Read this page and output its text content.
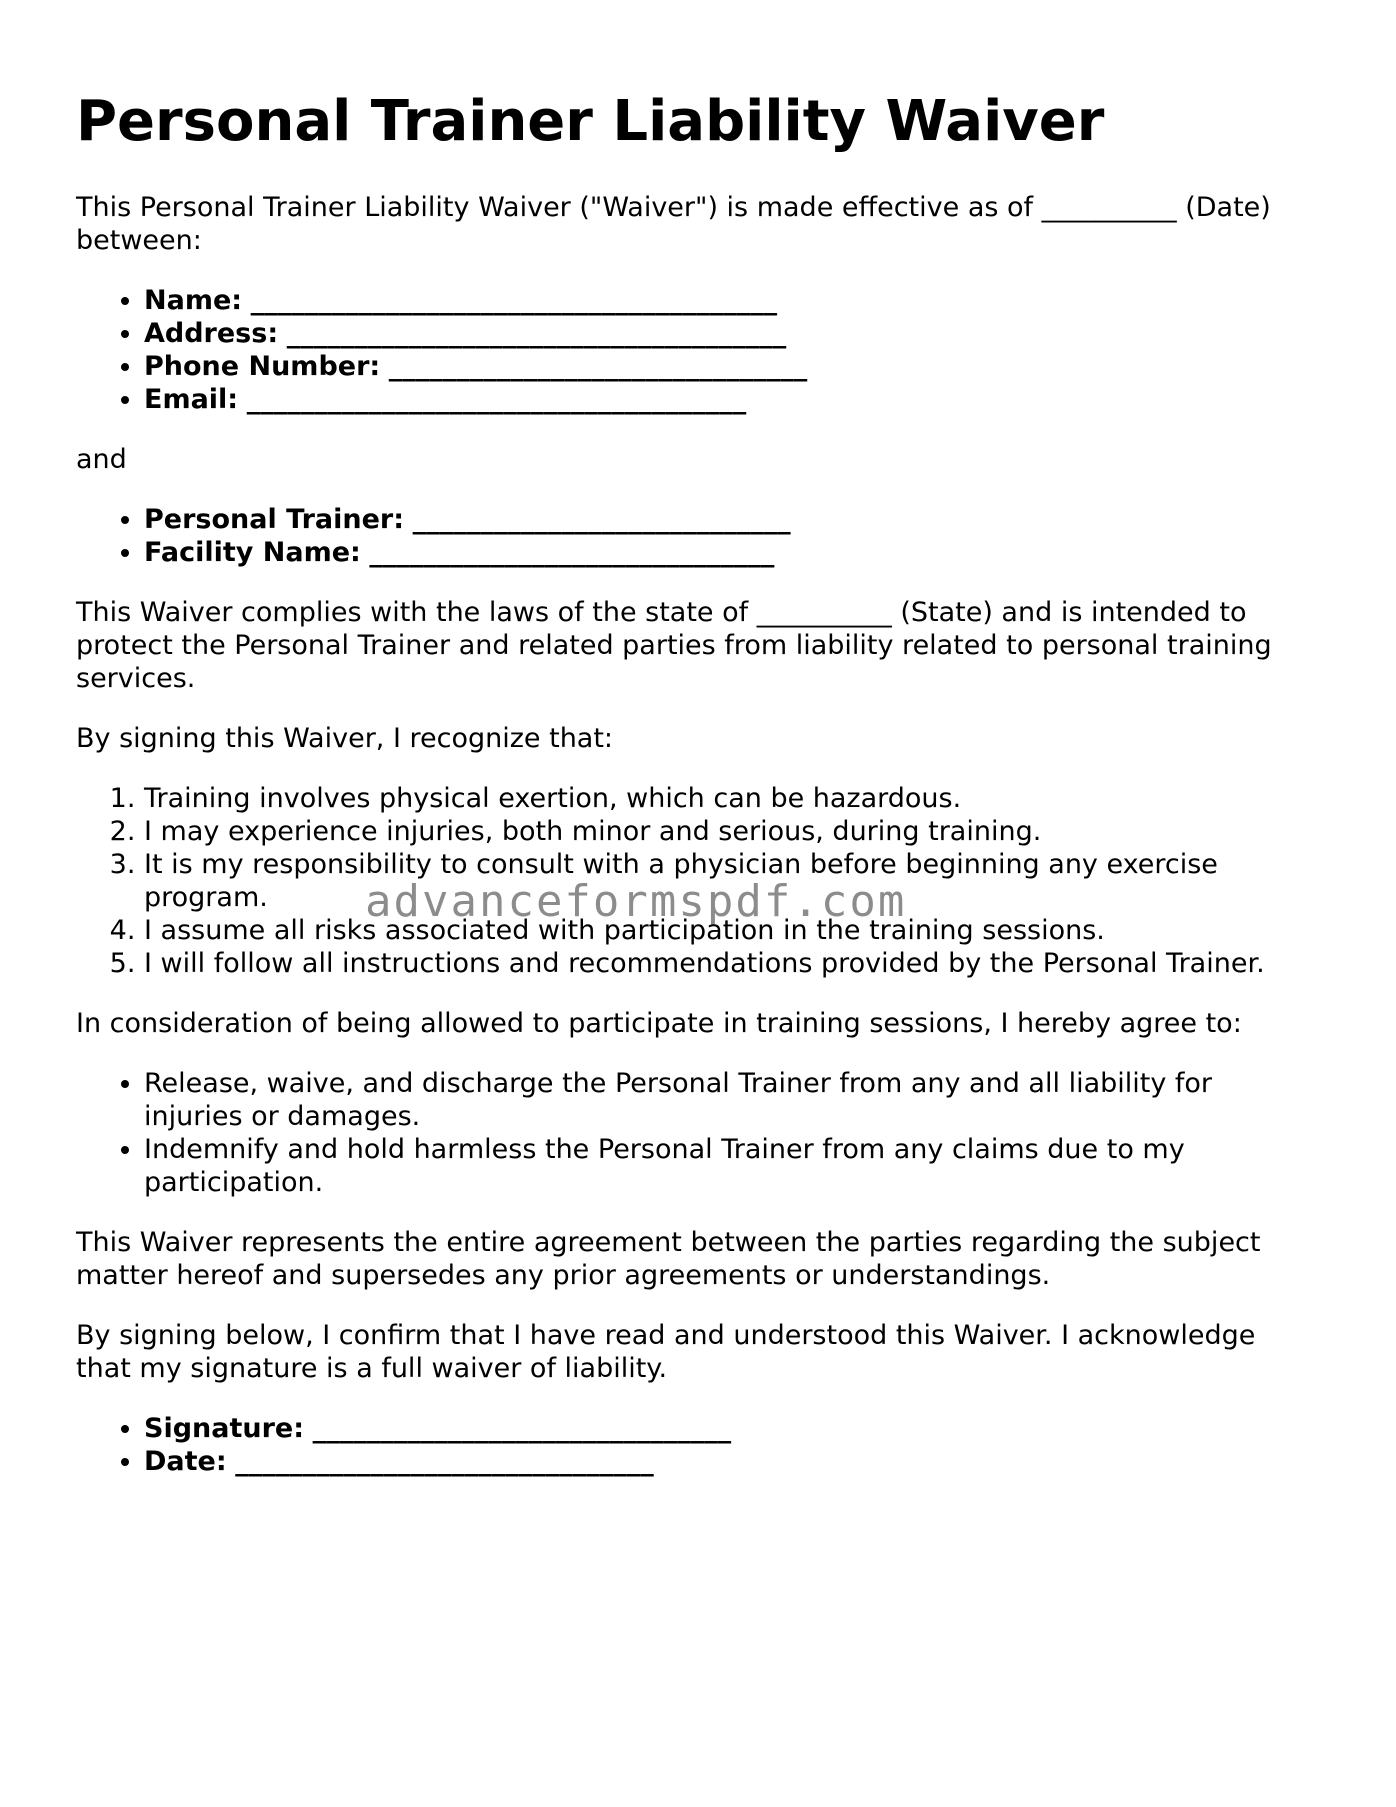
Personal Trainer Liability Waiver

This Personal Trainer Liability Waiver ("Waiver") is made effective as of __________ (Date) between:

• Name: _______________________________________
• Address: _____________________________________
• Phone Number: _______________________________
• Email: _____________________________________

and

• Personal Trainer: ____________________________
• Facility Name: ______________________________

This Waiver complies with the laws of the state of __________ (State) and is intended to protect the Personal Trainer and related parties from liability related to personal training services.

By signing this Waiver, I recognize that:

1. Training involves physical exertion, which can be hazardous.
2. I may experience injuries, both minor and serious, during training.
3. It is my responsibility to consult with a physician before beginning any exercise program.
4. I assume all risks associated with participation in the training sessions.
5. I will follow all instructions and recommendations provided by the Personal Trainer.

In consideration of being allowed to participate in training sessions, I hereby agree to:

• Release, waive, and discharge the Personal Trainer from any and all liability for injuries or damages.
• Indemnify and hold harmless the Personal Trainer from any claims due to my participation.

This Waiver represents the entire agreement between the parties regarding the subject matter hereof and supersedes any prior agreements or understandings.

By signing below, I confirm that I have read and understood this Waiver. I acknowledge that my signature is a full waiver of liability.

• Signature: _______________________________
• Date: _______________________________
advanceformspdf.com
